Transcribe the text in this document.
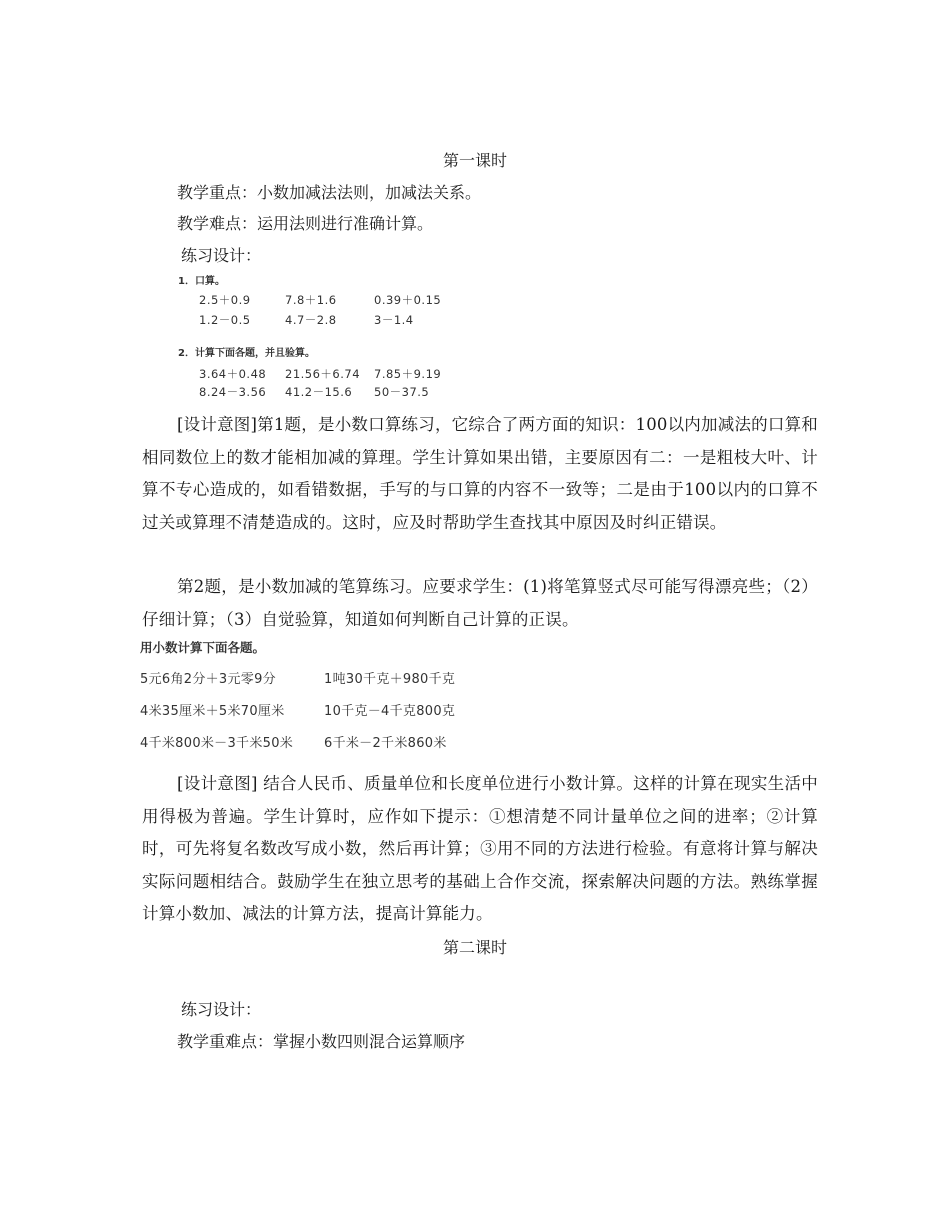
第一课时
教学重点：小数加减法法则，加减法关系。
教学难点：运用法则进行准确计算。
练习设计：
1．口算。
2.5＋0.9	7.8＋1.6	0.39＋0.15
1.2－0.5	4.7－2.8	3－1.4
2．计算下面各题，并且验算。
3.64＋0.48 21.56＋6.74 7.85＋9.19
8.24－3.56 41.2－15.6 50－37.5
[设计意图]第1题，是小数口算练习，它综合了两方面的知识：100以内加减法的口算和相同数位上的数才能相加减的算理。学生计算如果出错，主要原因有二：一是粗枝大叶、计算不专心造成的，如看错数据，手写的与口算的内容不一致等；二是由于100以内的口算不过关或算理不清楚造成的。这时，应及时帮助学生查找其中原因及时纠正错误。
第2题，是小数加减的笔算练习。应要求学生：(1)将笔算竖式尽可能写得漂亮些；（2）仔细计算；（3）自觉验算，知道如何判断自己计算的正误。
用小数计算下面各题。
5元6角2分＋3元零9分	1吨30千克＋980千克
4米35厘米＋5米70厘米	10千克－4千克800克
4千米800米－3千米50米 6千米－2千米860米
[设计意图] 结合人民币、质量单位和长度单位进行小数计算。这样的计算在现实生活中用得极为普遍。学生计算时，应作如下提示：①想清楚不同计量单位之间的进率；②计算时，可先将复名数改写成小数，然后再计算；③用不同的方法进行检验。有意将计算与解决实际问题相结合。鼓励学生在独立思考的基础上合作交流，探索解决问题的方法。熟练掌握计算小数加、减法的计算方法，提高计算能力。
第二课时
练习设计：
教学重难点：掌握小数四则混合运算顺序
